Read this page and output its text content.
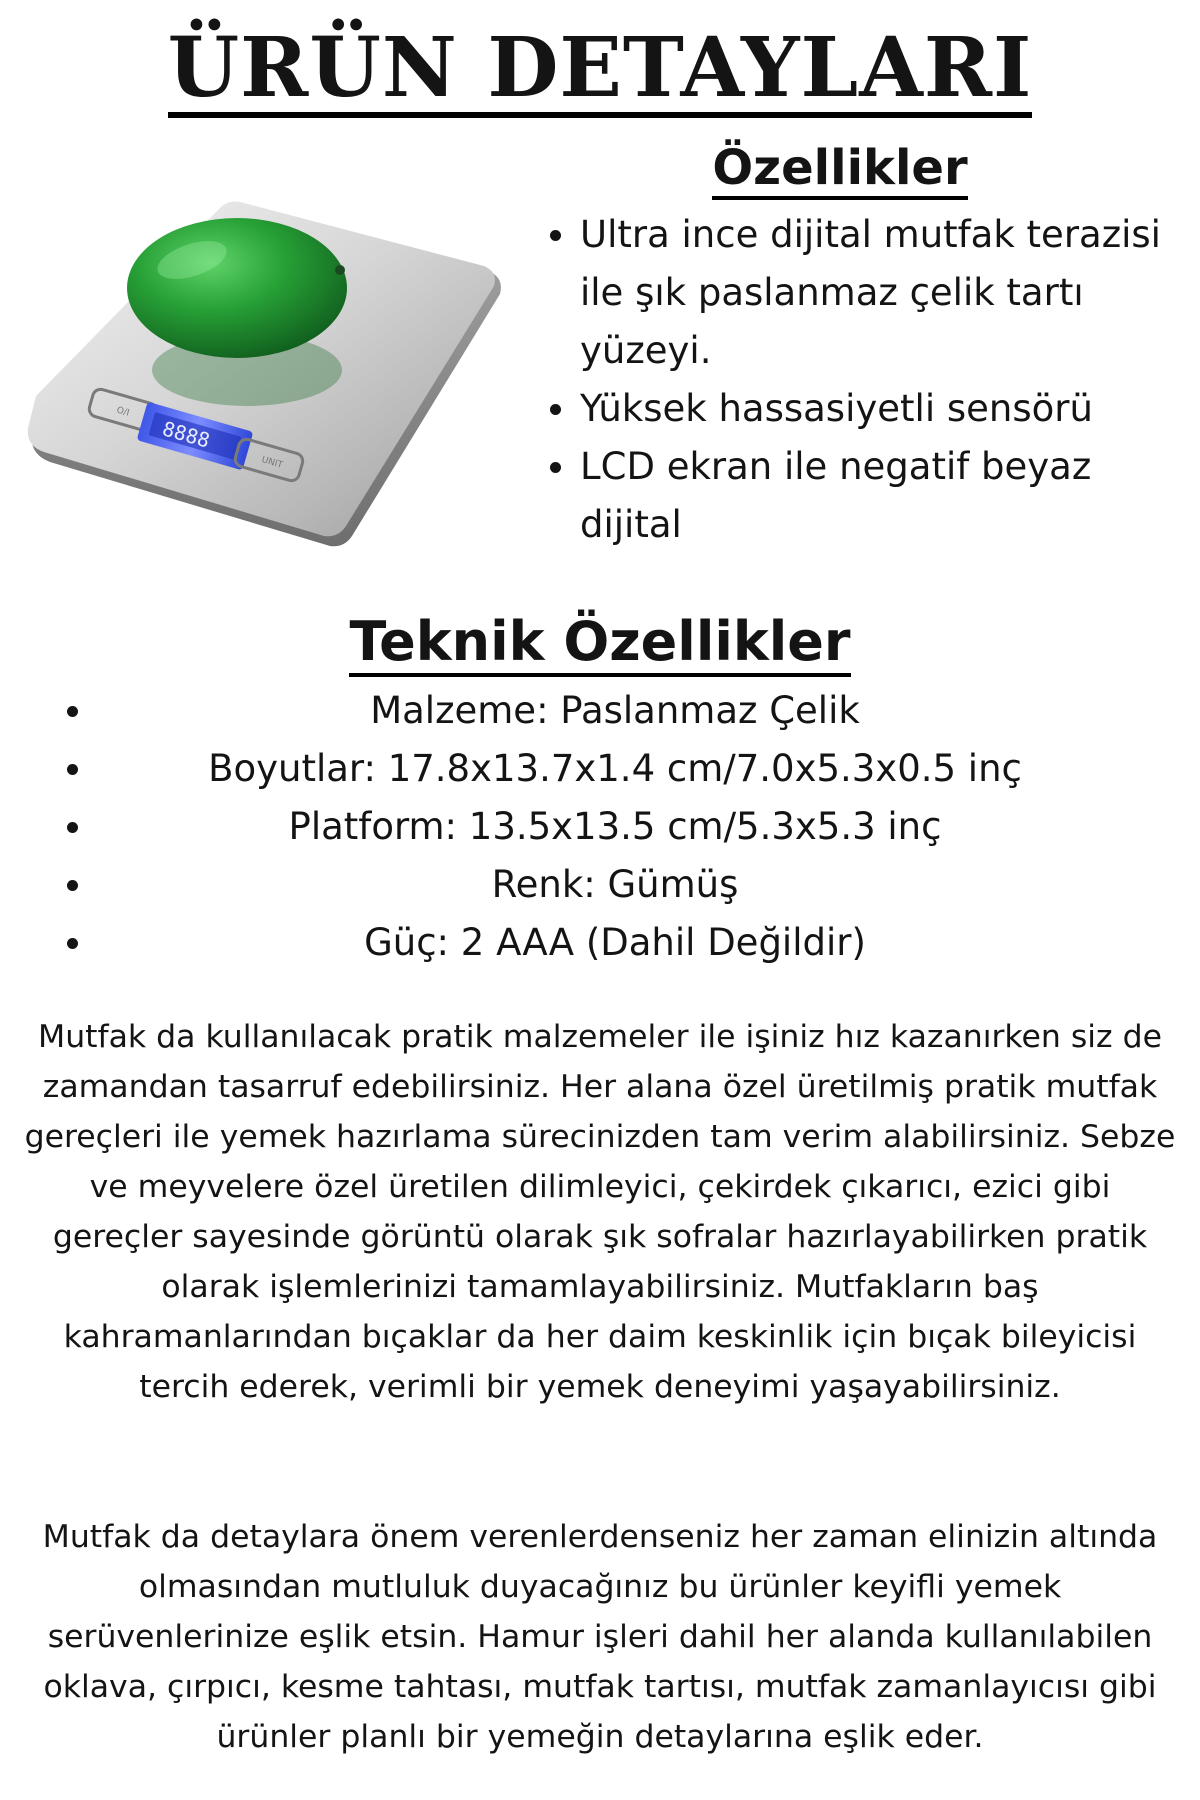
ÜRÜN DETAYLARI
O/I
8888
UNIT
Özellikler
Ultra ince dijital mutfak terazisi ile şık paslanmaz çelik tartı yüzeyi.
Yüksek hassasiyetli sensörü
LCD ekran ile negatif beyaz dijital
Teknik Özellikler
Malzeme: Paslanmaz Çelik
Boyutlar: 17.8x13.7x1.4 cm/7.0x5.3x0.5 inç
Platform: 13.5x13.5 cm/5.3x5.3 inç
Renk: Gümüş
Güç: 2 AAA (Dahil Değildir)

Mutfak da kullanılacak pratik malzemeler ile işiniz hız kazanırken siz de zamandan tasarruf edebilirsiniz. Her alana özel üretilmiş pratik mutfak gereçleri ile yemek hazırlama sürecinizden tam verim alabilirsiniz. Sebze ve meyvelere özel üretilen dilimleyici, çekirdek çıkarıcı, ezici gibi gereçler sayesinde görüntü olarak şık sofralar hazırlayabilirken pratik olarak işlemlerinizi tamamlayabilirsiniz. Mutfakların baş kahramanlarından bıçaklar da her daim keskinlik için bıçak bileyicisi tercih ederek, verimli bir yemek deneyimi yaşayabilirsiniz.

Mutfak da detaylara önem verenlerdenseniz her zaman elinizin altında olmasından mutluluk duyacağınız bu ürünler keyifli yemek serüvenlerinize eşlik etsin. Hamur işleri dahil her alanda kullanılabilen oklava, çırpıcı, kesme tahtası, mutfak tartısı, mutfak zamanlayıcısı gibi ürünler planlı bir yemeğin detaylarına eşlik eder.
